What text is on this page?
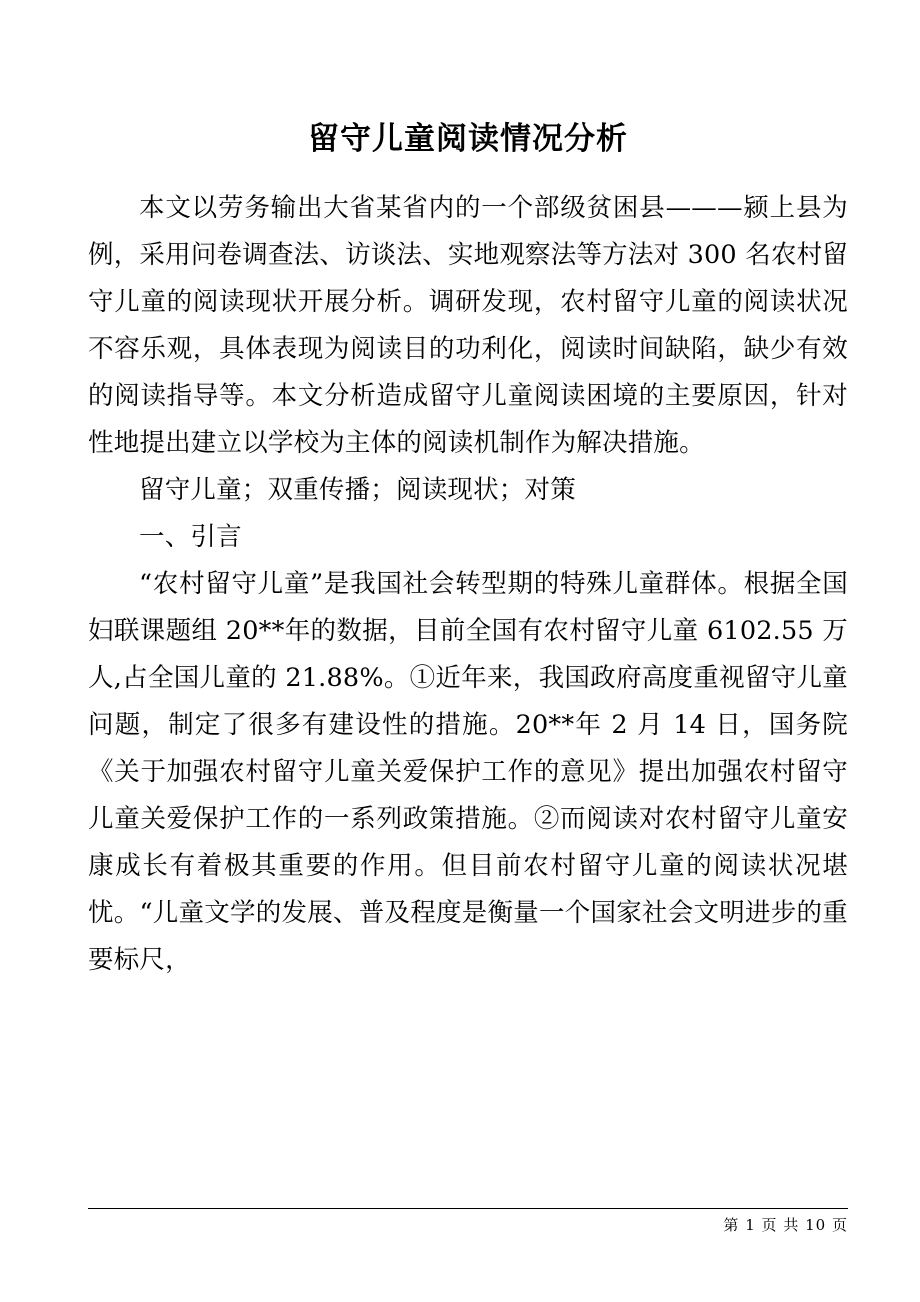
留守儿童阅读情况分析

本文以劳务输出大省某省内的一个部级贫困县———颍上县为例，采用问卷调查法、访谈法、实地观察法等方法对 300 名农村留守儿童的阅读现状开展分析。调研发现，农村留守儿童的阅读状况不容乐观，具体表现为阅读目的功利化，阅读时间缺陷，缺少有效的阅读指导等。本文分析造成留守儿童阅读困境的主要原因，针对性地提出建立以学校为主体的阅读机制作为解决措施。

留守儿童；双重传播；阅读现状；对策

一、引言

“农村留守儿童”是我国社会转型期的特殊儿童群体。根据全国妇联课题组 20**年的数据，目前全国有农村留守儿童 6102.55 万人,占全国儿童的 21.88%。①近年来，我国政府高度重视留守儿童问题，制定了很多有建设性的措施。20**年 2 月 14 日，国务院《关于加强农村留守儿童关爱保护工作的意见》提出加强农村留守儿童关爱保护工作的一系列政策措施。②而阅读对农村留守儿童安康成长有着极其重要的作用。但目前农村留守儿童的阅读状况堪忧。“儿童文学的发展、普及程度是衡量一个国家社会文明进步的重要标尺，

第 1 页 共 10 页
